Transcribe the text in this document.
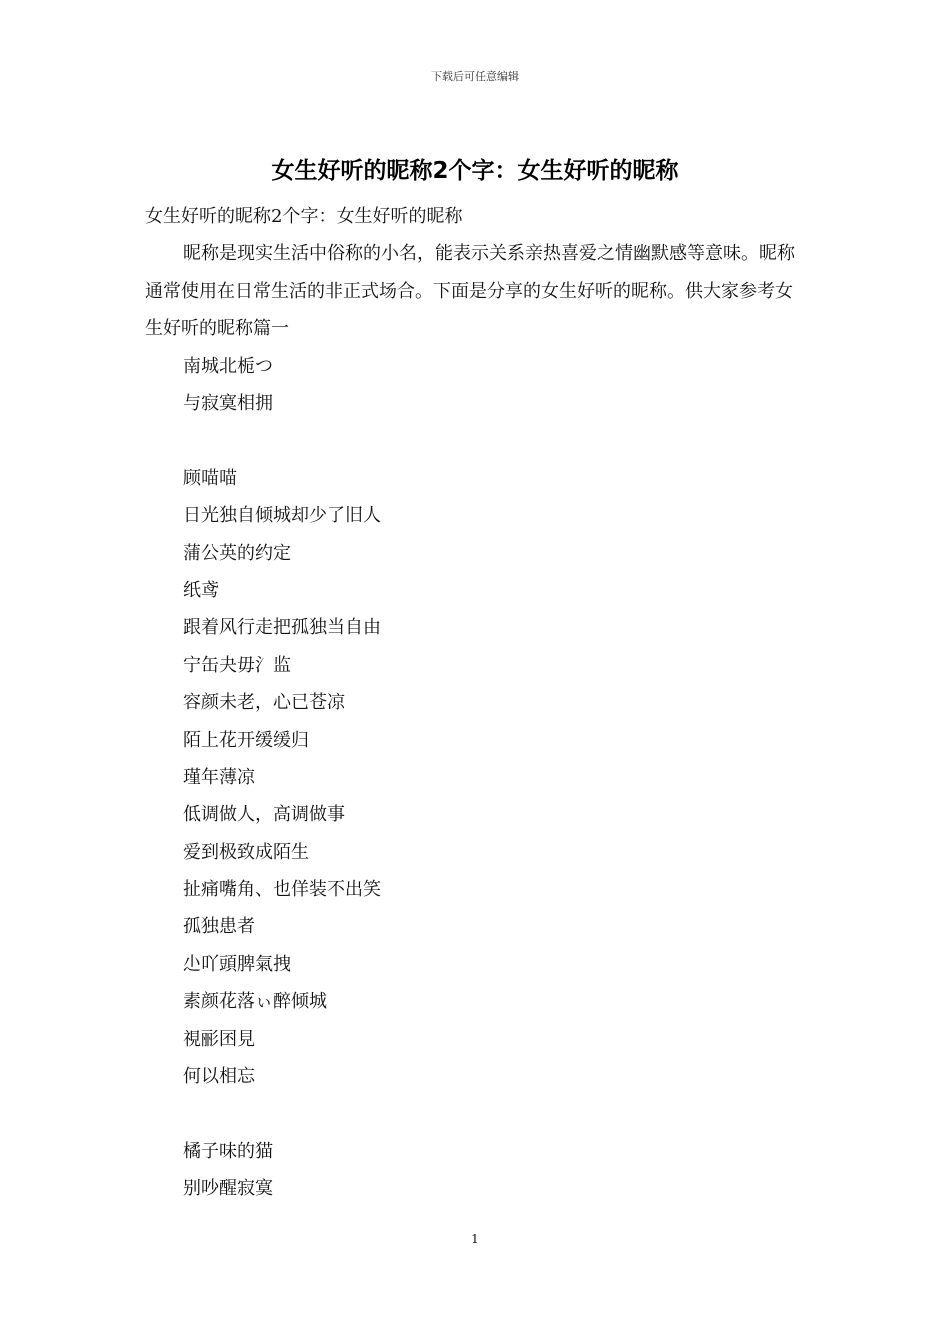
下载后可任意编辑
女生好听的昵称2个字：女生好听的昵称

女生好听的昵称2个字：女生好听的昵称

昵称是现实生活中俗称的小名，能表示关系亲热喜爱之情幽默感等意味。昵称通常使用在日常生活的非正式场合。下面是分享的女生好听的昵称。供大家参考女生好听的昵称篇一

南城北栀つ
与寂寞相拥
顾喵喵
日光独自倾城却少了旧人
蒲公英的约定
纸鸢
跟着风行走把孤独当自由
宁缶夬毋氵监
容颜未老，心已苍凉
陌上花开缓缓归
瑾年薄凉
低调做人，高调做事
爱到极致成陌生
扯痛嘴角、也佯装不出笑
孤独患者
尐吖頭脾氣拽
素颜花落ぃ醉倾城
視彨囨見
何以相忘
橘子味的猫
别吵醒寂寞
1
